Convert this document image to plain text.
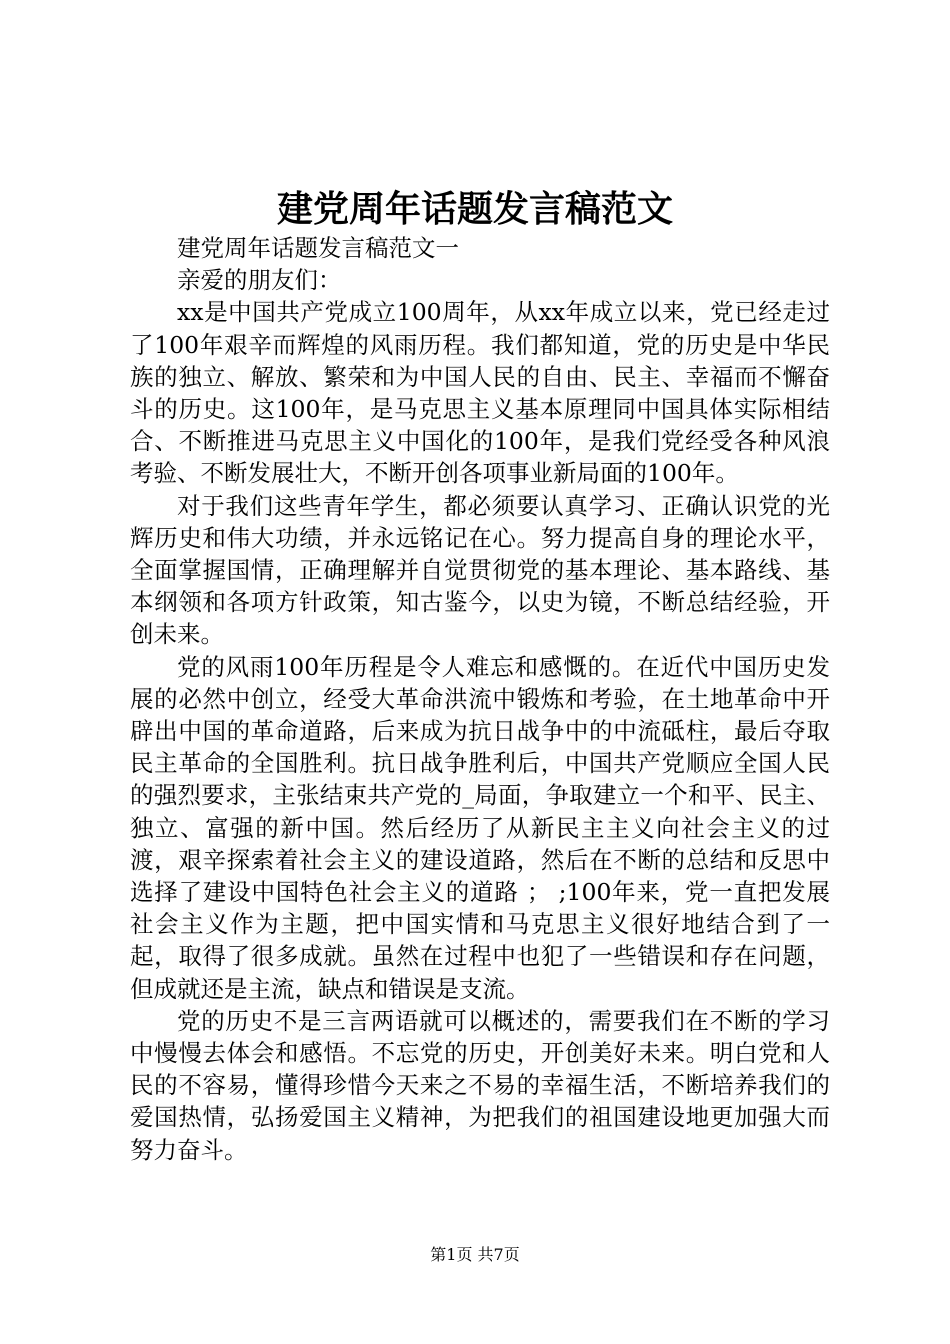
建党周年话题发言稿范文

建党周年话题发言稿范文一

亲爱的朋友们：

xx是中国共产党成立100周年，从xx年成立以来，党已经走过了100年艰辛而辉煌的风雨历程。我们都知道，党的历史是中华民族的独立、解放、繁荣和为中国人民的自由、民主、幸福而不懈奋斗的历史。这100年，是马克思主义基本原理同中国具体实际相结合、不断推进马克思主义中国化的100年，是我们党经受各种风浪考验、不断发展壮大，不断开创各项事业新局面的100年。

对于我们这些青年学生，都必须要认真学习、正确认识党的光辉历史和伟大功绩，并永远铭记在心。努力提高自身的理论水平，全面掌握国情，正确理解并自觉贯彻党的基本理论、基本路线、基本纲领和各项方针政策，知古鉴今，以史为镜，不断总结经验，开创未来。

党的风雨100年历程是令人难忘和感慨的。在近代中国历史发展的必然中创立，经受大革命洪流中锻炼和考验，在土地革命中开辟出中国的革命道路，后来成为抗日战争中的中流砥柱，最后夺取民主革命的全国胜利。抗日战争胜利后，中国共产党顺应全国人民的强烈要求，主张结束共产党的_局面，争取建立一个和平、民主、独立、富强的新中国。然后经历了从新民主主义向社会主义的过渡，艰辛探索着社会主义的建设道路，然后在不断的总结和反思中选择了建设中国特色社会主义的道路 ； ;100年来，党一直把发展社会主义作为主题，把中国实情和马克思主义很好地结合到了一起，取得了很多成就。虽然在过程中也犯了一些错误和存在问题，但成就还是主流，缺点和错误是支流。

党的历史不是三言两语就可以概述的，需要我们在不断的学习中慢慢去体会和感悟。不忘党的历史，开创美好未来。明白党和人民的不容易，懂得珍惜今天来之不易的幸福生活，不断培养我们的爱国热情，弘扬爱国主义精神，为把我们的祖国建设地更加强大而努力奋斗。

第1页 共7页
